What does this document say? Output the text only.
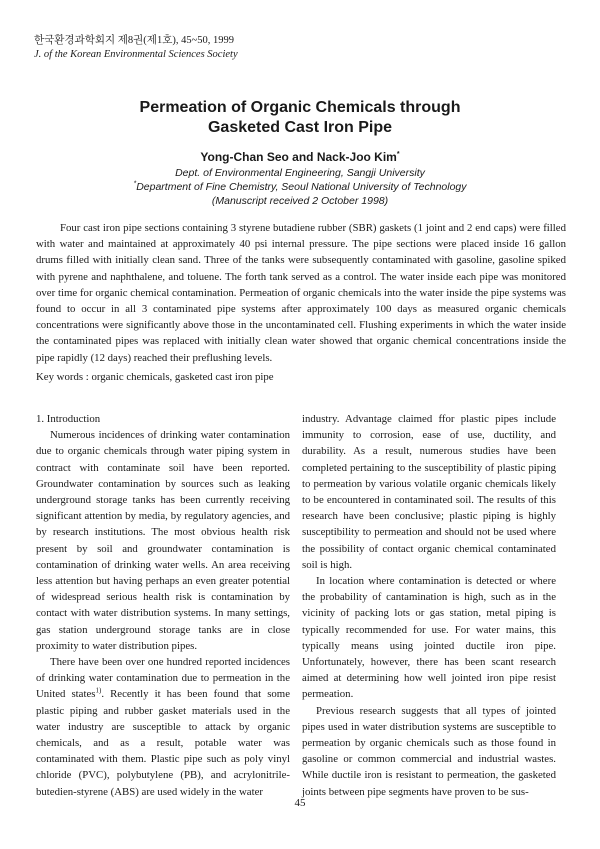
한국환경과학회지 제8권(제1호), 45~50, 1999
J. of the Korean Environmental Sciences Society
Permeation of Organic Chemicals through
Gasketed Cast Iron Pipe
Yong-Chan Seo and Nack-Joo Kim*
Dept. of Environmental Engineering, Sangji University
*Department of Fine Chemistry, Seoul National University of Technology
(Manuscript received 2 October 1998)

Four cast iron pipe sections containing 3 styrene butadiene rubber (SBR) gaskets (1 joint and 2 end caps) were filled with water and maintained at approximately 40 psi internal pressure. The pipe sections were placed inside 16 gallon drums filled with initially clean sand. Three of the tanks were subsequently contaminated with gasoline, gasoline spiked with pyrene and naphthalene, and toluene. The forth tank served as a control. The water inside each pipe was monitored over time for organic chemical contamination. Permeation of organic chemicals into the water inside the pipe systems was found to occur in all 3 contaminated pipe systems after approximately 100 days as measured organic chemicals concentrations were significantly above those in the uncontaminated cell. Flushing experiments in which the water inside the contaminated pipes was replaced with initially clean water showed that organic chemical concentrations inside the pipe rapidly (12 days) reached their preflushing levels.

Key words : organic chemicals, gasketed cast iron pipe
1. Introduction

Numerous incidences of drinking water contamination due to organic chemicals through water piping system in contract with contaminate soil have been reported. Groundwater contamination by sources such as leaking underground storage tanks has been currently receiving significant attention by media, by regulatory agencies, and by research institutions. The most obvious health risk present by soil and groundwater contamination is contamination of drinking water wells. An area receiving less attention but having perhaps an even greater potential of widespread serious health risk is contamination by contact with water distribution systems. In many settings, gas station underground storage tanks are in close proximity to water distribution pipes.

There have been over one hundred reported incidences of drinking water contamination due to permeation in the United states$^{1)}$. Recently it has been found that some plastic piping and rubber gasket materials used in the water industry are susceptible to attack by organic chemicals, and as a result, potable water was contaminated with them. Plastic pipe such as poly vinyl chloride (PVC), polybutylene (PB), and acrylonitrile-butedien-styrene (ABS) are used widely in the water

industry. Advantage claimed ffor plastic pipes include immunity to corrosion, ease of use, ductility, and durability. As a result, numerous studies have been completed pertaining to the susceptibility of plastic piping to permeation by various volatile organic chemicals likely to be encountered in contaminated soil. The results of this research have been conclusive; plastic piping is highly susceptibility to permeation and should not be used where the possibility of contact organic chemical contaminated soil is high.

In location where contamination is detected or where the probability of cantamination is high, such as in the vicinity of packing lots or gas station, metal piping is typically recommended for use. For water mains, this typically means using jointed ductile iron pipe. Unfortunately, however, there has been scant research aimed at determining how well jointed iron pipe resist permeation.

Previous research suggests that all types of jointed pipes used in water distribution systems are susceptible to permeation by organic chemicals such as those found in gasoline or common commercial and industrial wastes. While ductile iron is resistant to permeation, the gasketed joints between pipe segments have proven to be sus-

45
